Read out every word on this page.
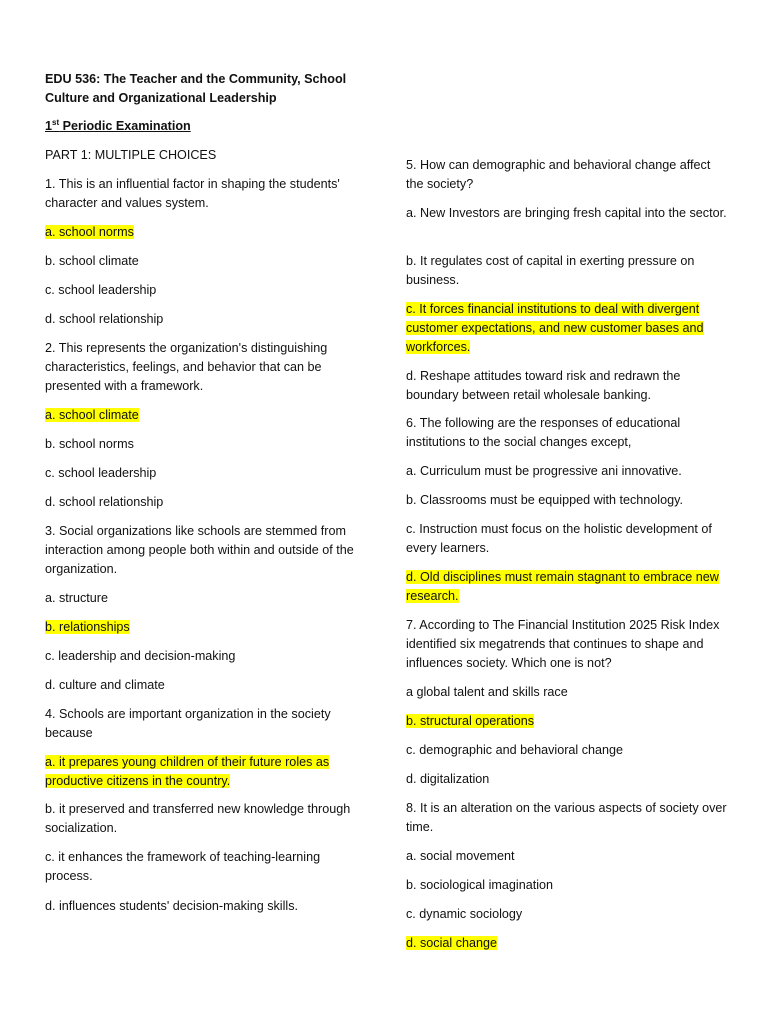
EDU 536: The Teacher and the Community, School
Culture and Organizational Leadership
1st Periodic Examination
PART 1: MULTIPLE CHOICES

1. This is an influential factor in shaping the students' character and values system.

a. school norms

b. school climate

c. school leadership

d. school relationship

2. This represents the organization's distinguishing characteristics, feelings, and behavior that can be presented with a framework.

a. school climate

b. school norms

c. school leadership

d. school relationship

3. Social organizations like schools are stemmed from interaction among people both within and outside of the organization.

a. structure

b. relationships

c. leadership and decision-making

d. culture and climate

4. Schools are important organization in the society because

a. it prepares young children of their future roles as productive citizens in the country.

b. it preserved and transferred new knowledge through socialization.

c. it enhances the framework of teaching-learning process.

d. influences students' decision-making skills.

5. How can demographic and behavioral change affect the society?

a. New Investors are bringing fresh capital into the sector.

b. It regulates cost of capital in exerting pressure on business.

c. It forces financial institutions to deal with divergent customer expectations, and new customer bases and workforces.

d. Reshape attitudes toward risk and redrawn the boundary between retail wholesale banking.

6. The following are the responses of educational institutions to the social changes except,

a. Curriculum must be progressive ani innovative.

b. Classrooms must be equipped with technology.

c. Instruction must focus on the holistic development of every learners.

d. Old disciplines must remain stagnant to embrace new research.

7. According to The Financial Institution 2025 Risk Index identified six megatrends that continues to shape and influences society. Which one is not?

a global talent and skills race

b. structural operations

c. demographic and behavioral change

d. digitalization

8. It is an alteration on the various aspects of society over time.

a. social movement

b. sociological imagination

c. dynamic sociology

d. social change
